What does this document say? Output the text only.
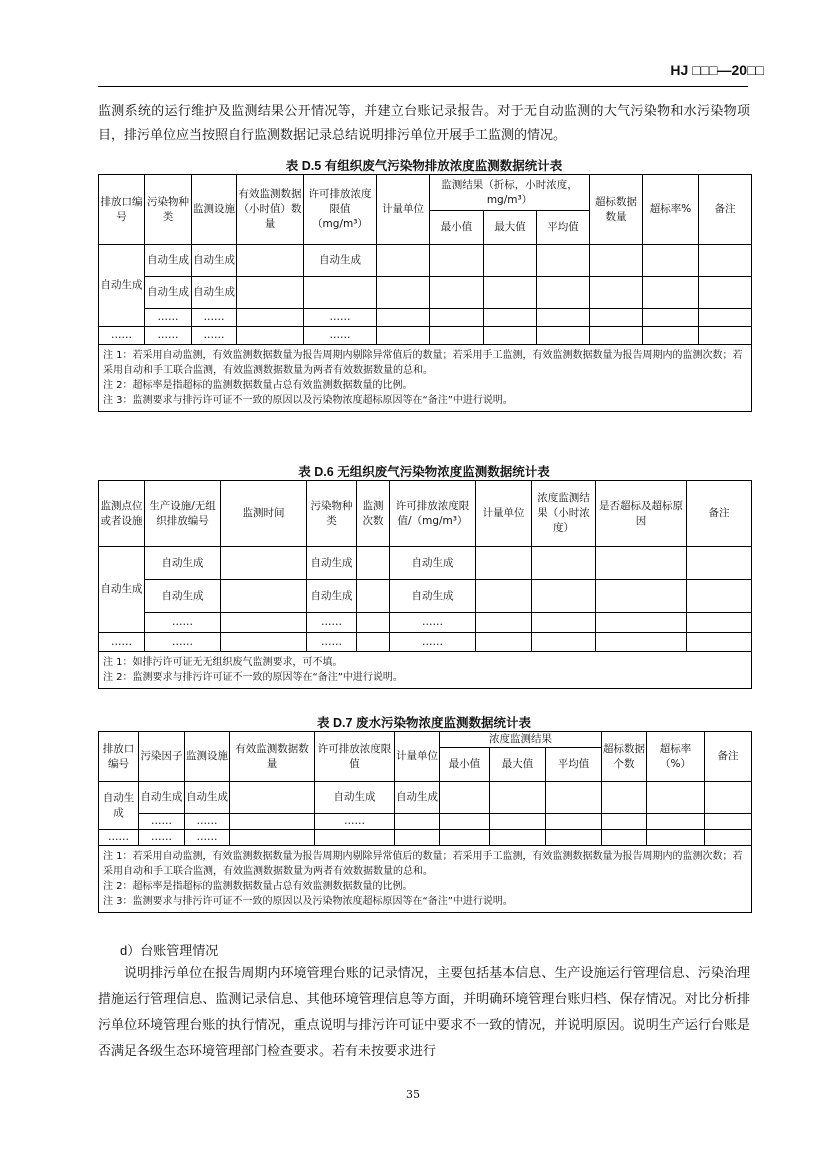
HJ □□□—20□□
监测系统的运行维护及监测结果公开情况等，并建立台账记录报告。对于无自动监测的大气污染物和水污染物项目，排污单位应当按照自行监测数据记录总结说明排污单位开展手工监测的情况。
表 D.5 有组织废气污染物排放浓度监测数据统计表
排放口编号	污染物种类	监测设施	有效监测数据（小时值）数量	许可排放浓度限值（mg/m³）	计量单位	监测结果（折标，小时浓度，mg/m³）			超标数据数量	超标率%	备注
						最小值	最大值	平均值			
自动生成	自动生成	自动生成		自动生成							
	自动生成	自动生成									
	……	……		……							
……	……	……		……							

注 1：若采用自动监测，有效监测数据数量为报告周期内剔除异常值后的数量；若采用手工监测，有效监测数据数量为报告周期内的监测次数；若采用自动和手工联合监测，有效监测数据数量为两者有效数据数量的总和。
注 2：超标率是指超标的监测数据数量占总有效监测数据数量的比例。
注 3：监测要求与排污许可证不一致的原因以及污染物浓度超标原因等在“备注”中进行说明。											
表 D.6 无组织废气污染物浓度监测数据统计表
监测点位或者设施	生产设施/无组织排放编号	监测时间	污染物种类	监测次数	许可排放浓度限值/（mg/m³）	计量单位	浓度监测结果（小时浓度）	是否超标及超标原因	备注
自动生成	自动生成		自动生成		自动生成				
	自动生成		自动生成		自动生成				
	……		……		……				
……	……		……		……				

注 1：如排污许可证无无组织废气监测要求，可不填。
注 2：监测要求与排污许可证不一致的原因等在“备注”中进行说明。									
表 D.7 废水污染物浓度监测数据统计表
排放口编号	污染因子	监测设施	有效监测数据数量	许可排放浓度限值	计量单位	浓度监测结果			超标数据个数	超标率（%）	备注
						最小值	最大值	平均值			
自动生成	自动生成	自动生成		自动生成	自动生成						
	……	……		……							
……	……	……									

注 1：若采用自动监测，有效监测数据数量为报告周期内剔除异常值后的数量；若采用手工监测，有效监测数据数量为报告周期内的监测次数；若采用自动和手工联合监测，有效监测数据数量为两者有效数据数量的总和。
注 2：超标率是指超标的监测数据数量占总有效监测数据数量的比例。
注 3：监测要求与排污许可证不一致的原因以及污染物浓度超标原因等在“备注”中进行说明。											
d）台账管理情况
说明排污单位在报告周期内环境管理台账的记录情况，主要包括基本信息、生产设施运行管理信息、污染治理措施运行管理信息、监测记录信息、其他环境管理信息等方面，并明确环境管理台账归档、保存情况。对比分析排污单位环境管理台账的执行情况，重点说明与排污许可证中要求不一致的情况，并说明原因。说明生产运行台账是否满足各级生态环境管理部门检查要求。若有未按要求进行
35
